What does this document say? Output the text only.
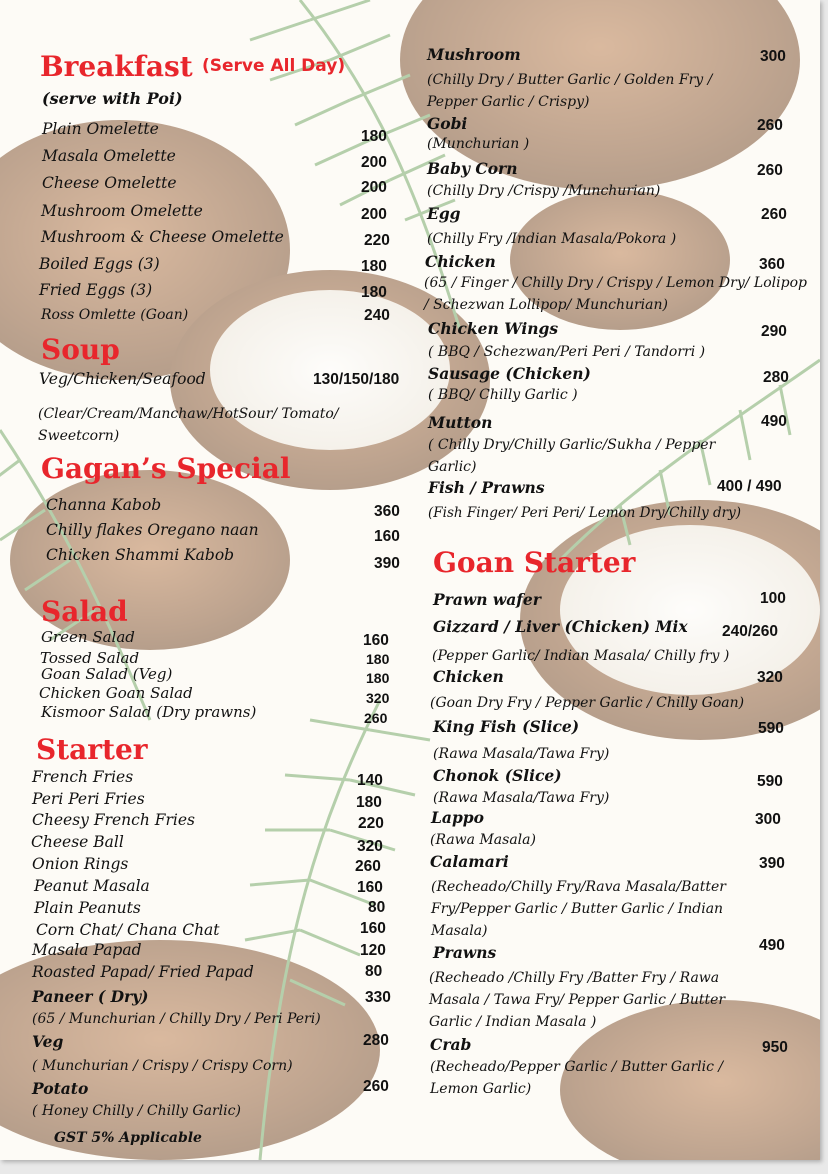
Breakfast (Serve All Day)
(serve with Poi)
Plain Omelette	180
Masala Omelette	200
Cheese Omelette	200
Mushroom Omelette	200
Mushroom & Cheese Omelette	220
Boiled Eggs (3)	180
Fried Eggs (3)	180
Ross Omlette (Goan)	240
Soup
Veg/Chicken/Seafood	130/150/180
(Clear/Cream/Manchaw/HotSour/ Tomato/ Sweetcorn)
Gagan’s Special
Channa Kabob	360
Chilly flakes Oregano naan	160
Chicken Shammi Kabob	390
Salad
Green Salad	160
Tossed Salad	180
Goan Salad (Veg)	180
Chicken Goan Salad	320
Kismoor Salad (Dry prawns)	260
Starter
French Fries	140
Peri Peri Fries	180
Cheesy French Fries	220
Cheese Ball	320
Onion Rings	260
Peanut Masala	160
Plain Peanuts	80
Corn Chat/ Chana Chat	160
Masala Papad	120
Roasted Papad/ Fried Papad	80
Paneer ( Dry)	330
(65 / Munchurian / Chilly Dry / Peri Peri)
Veg	280
( Munchurian / Crispy / Crispy Corn)
Potato	260
( Honey Chilly / Chilly Garlic)
GST 5% Applicable
Mushroom	300
(Chilly Dry / Butter Garlic / Golden Fry / Pepper Garlic / Crispy)
Gobi	260
(Munchurian )
Baby Corn	260
(Chilly Dry /Crispy /Munchurian)
Egg	260
(Chilly Fry /Indian Masala/Pokora )
Chicken	360
(65 / Finger / Chilly Dry / Crispy / Lemon Dry/ Lolipop / Schezwan Lollipop/ Munchurian)
Chicken Wings	290
( BBQ / Schezwan/Peri Peri / Tandorri )
Sausage (Chicken)	280
( BBQ/ Chilly Garlic )
Mutton	490
( Chilly Dry/Chilly Garlic/Sukha / Pepper Garlic)
Fish / Prawns	400 / 490
(Fish Finger/ Peri Peri/ Lemon Dry/Chilly dry)
Goan Starter
Prawn wafer	100
Gizzard / Liver (Chicken) Mix 240/260
(Pepper Garlic/ Indian Masala/ Chilly fry )
Chicken	320
(Goan Dry Fry / Pepper Garlic / Chilly Goan)
King Fish (Slice)	590
(Rawa Masala/Tawa Fry)
Chonok (Slice)	590
(Rawa Masala/Tawa Fry)
Lappo	300
(Rawa Masala)
Calamari	390
(Recheado/Chilly Fry/Rava Masala/Batter Fry/Pepper Garlic / Butter Garlic / Indian Masala)
Prawns	490
(Recheado /Chilly Fry /Batter Fry / Rawa Masala / Tawa Fry/ Pepper Garlic / Butter Garlic / Indian Masala )
Crab	950
(Recheado/Pepper Garlic / Butter Garlic / Lemon Garlic)
